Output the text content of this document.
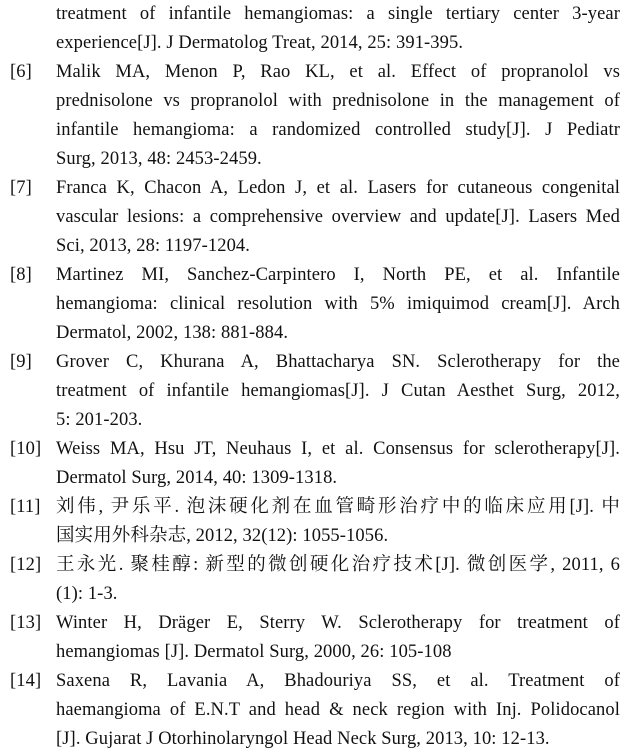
treatment of infantile hemangiomas: a single tertiary center 3-year
experience[J]. J Dermatolog Treat, 2014, 25: 391-395.
[6] Malik MA, Menon P, Rao KL, et al. Effect of propranolol vs
prednisolone vs propranolol with prednisolone in the management of
infantile hemangioma: a randomized controlled study[J]. J Pediatr
Surg, 2013, 48: 2453-2459.
[7] Franca K, Chacon A, Ledon J, et al. Lasers for cutaneous congenital
vascular lesions: a comprehensive overview and update[J]. Lasers Med
Sci, 2013, 28: 1197-1204.
[8] Martinez MI, Sanchez-Carpintero I, North PE, et al. Infantile
hemangioma: clinical resolution with 5% imiquimod cream[J]. Arch
Dermatol, 2002, 138: 881-884.
[9] Grover C, Khurana A, Bhattacharya SN. Sclerotherapy for the
treatment of infantile hemangiomas[J]. J Cutan Aesthet Surg, 2012,
5: 201-203.
[10] Weiss MA, Hsu JT, Neuhaus I, et al. Consensus for sclerotherapy[J].
Dermatol Surg, 2014, 40: 1309-1318.
[11] 刘伟, 尹乐平. 泡沫硬化剂在血管畸形治疗中的临床应用[J]. 中
国实用外科杂志, 2012, 32(12): 1055-1056.
[12] 王永光. 聚桂醇: 新型的微创硬化治疗技术[J]. 微创医学, 2011, 6
(1): 1-3.
[13] Winter H, Dräger E, Sterry W. Sclerotherapy for treatment of
hemangiomas [J]. Dermatol Surg, 2000, 26: 105-108
[14] Saxena R, Lavania A, Bhadouriya SS, et al. Treatment of
haemangioma of E.N.T and head & neck region with Inj. Polidocanol
[J]. Gujarat J Otorhinolaryngol Head Neck Surg, 2013, 10: 12-13.
